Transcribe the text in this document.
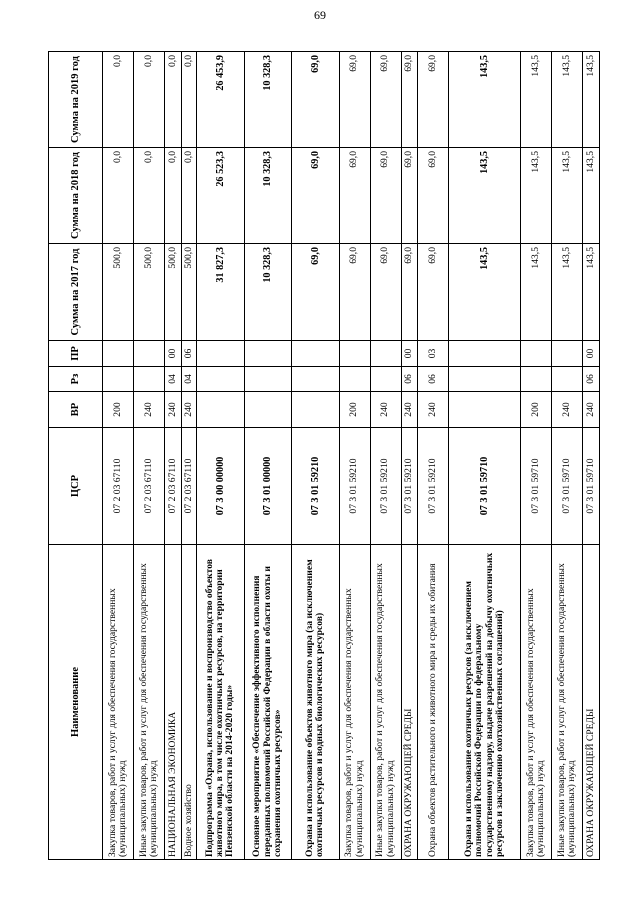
69
Наименование	ЦСР	ВР	Рз	ПР	Сумма на 2017 год	Сумма на 2018 год	Сумма на 2019 год
Закупка товаров, работ и услуг для обеспечения государственных (муниципальных) нужд	07 2 03 67110	200			500,0	0,0	0,0
Иные закупки товаров, работ и услуг для обеспечения государственных (муниципальных) нужд	07 2 03 67110	240			500,0	0,0	0,0
НАЦИОНАЛЬНАЯ ЭКОНОМИКА	07 2 03 67110	240	04	00	500,0	0,0	0,0
Водное хозяйство	07 2 03 67110	240	04	06	500,0	0,0	0,0
Подпрограмма «Охрана, использование и воспроизводство объектов животного мира, в том числе охотничьих ресурсов, на территории Пензенской области на 2014-2020 годы»	07 3 00 00000				31 827,3	26 523,3	26 453,9
Основное мероприятие «Обеспечение эффективного исполнения переданных полномочий Российской Федерации в области охоты и сохранения охотничьих ресурсов»	07 3 01 00000				10 328,3	10 328,3	10 328,3
Охрана и использование объектов животного мира (за исключением охотничьих ресурсов и водных биологических ресурсов)	07 3 01 59210				69,0	69,0	69,0
Закупка товаров, работ и услуг для обеспечения государственных (муниципальных) нужд	07 3 01 59210	200			69,0	69,0	69,0
Иные закупки товаров, работ и услуг для обеспечения государственных (муниципальных) нужд	07 3 01 59210	240			69,0	69,0	69,0
ОХРАНА ОКРУЖАЮЩЕЙ СРЕДЫ	07 3 01 59210	240	06	00	69,0	69,0	69,0
Охрана объектов растительного и животного мира и среды их обитания	07 3 01 59210	240	06	03	69,0	69,0	69,0
Охрана и использование охотничьих ресурсов (за исключением полномочий Российской Федерации по федеральному государственному надзору, выдаче разрешений на добычу охотничьих ресурсов и заключению охотхозяйственных соглашений)	07 3 01 59710				143,5	143,5	143,5
Закупка товаров, работ и услуг для обеспечения государственных (муниципальных) нужд	07 3 01 59710	200			143,5	143,5	143,5
Иные закупки товаров, работ и услуг для обеспечения государственных (муниципальных) нужд	07 3 01 59710	240			143,5	143,5	143,5
ОХРАНА ОКРУЖАЮЩЕЙ СРЕДЫ	07 3 01 59710	240	06	00	143,5	143,5	143,5
